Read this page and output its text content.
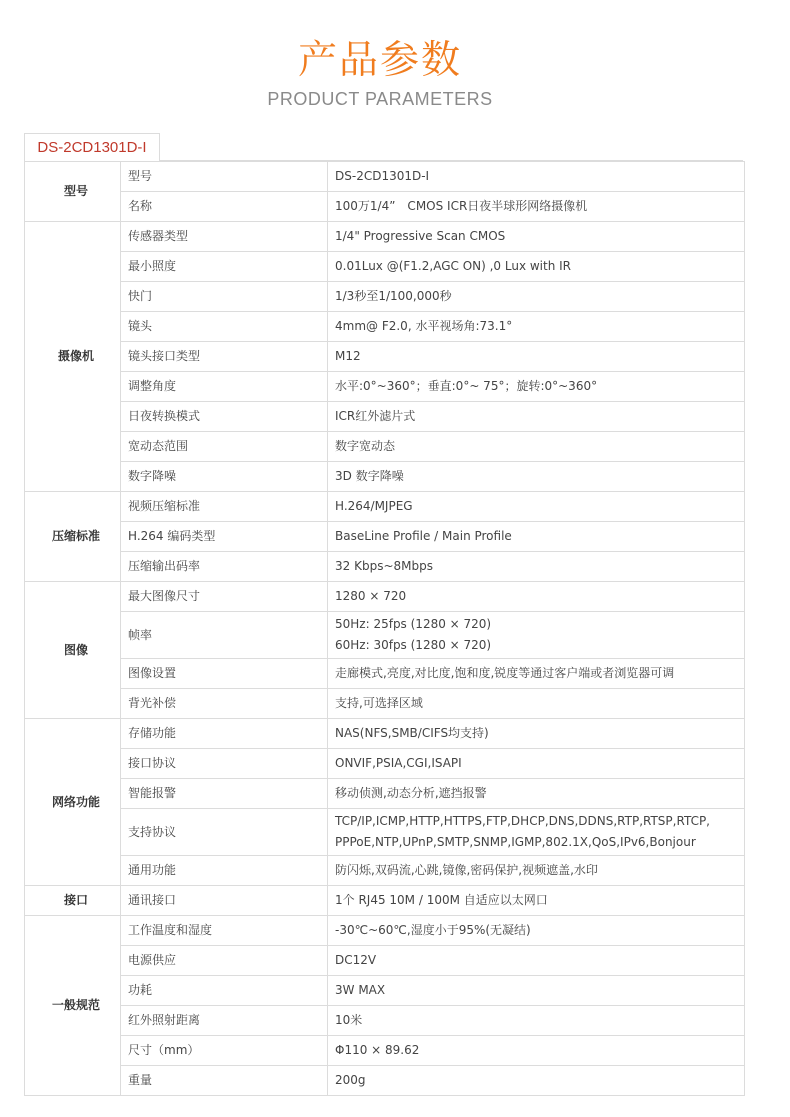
产品参数
PRODUCT PARAMETERS
DS-2CD1301D-I
型号	型号	DS-2CD1301D-I

	名称	100万1/4”　CMOS ICR日夜半球形网络摄像机

摄像机	传感器类型	1/4" Progressive Scan CMOS

	最小照度	0.01Lux @(F1.2,AGC ON) ,0 Lux with IR

	快门	1/3秒至1/100,000秒

	镜头	4mm@ F2.0, 水平视场角:73.1°

	镜头接口类型	M12

	调整角度	水平:0°~360°；垂直:0°~ 75°；旋转:0°~360°

	日夜转换模式	ICR红外滤片式

	宽动态范围	数字宽动态

	数字降噪	3D 数字降噪

压缩标准	视频压缩标准	H.264/MJPEG

	H.264 编码类型	BaseLine Profile / Main Profile

	压缩输出码率	32 Kbps~8Mbps

图像	最大图像尺寸	1280 × 720

	帧率	50Hz: 25fps (1280 × 720)
60Hz: 30fps (1280 × 720)

	图像设置	走廊模式,亮度,对比度,饱和度,锐度等通过客户端或者浏览器可调

	背光补偿	支持,可选择区域

网络功能	存储功能	NAS(NFS,SMB/CIFS均支持)

	接口协议	ONVIF,PSIA,CGI,ISAPI

	智能报警	移动侦测,动态分析,遮挡报警

	支持协议	TCP/IP,ICMP,HTTP,HTTPS,FTP,DHCP,DNS,DDNS,RTP,RTSP,RTCP,
PPPoE,NTP,UPnP,SMTP,SNMP,IGMP,802.1X,QoS,IPv6,Bonjour

	通用功能	防闪烁,双码流,心跳,镜像,密码保护,视频遮盖,水印

接口	通讯接口	1个 RJ45 10M / 100M 自适应以太网口

一般规范	工作温度和湿度	-30℃~60℃,湿度小于95%(无凝结)

	电源供应	DC12V

	功耗	3W MAX

	红外照射距离	10米

	尺寸（mm）	Φ110 × 89.62

	重量	200g
